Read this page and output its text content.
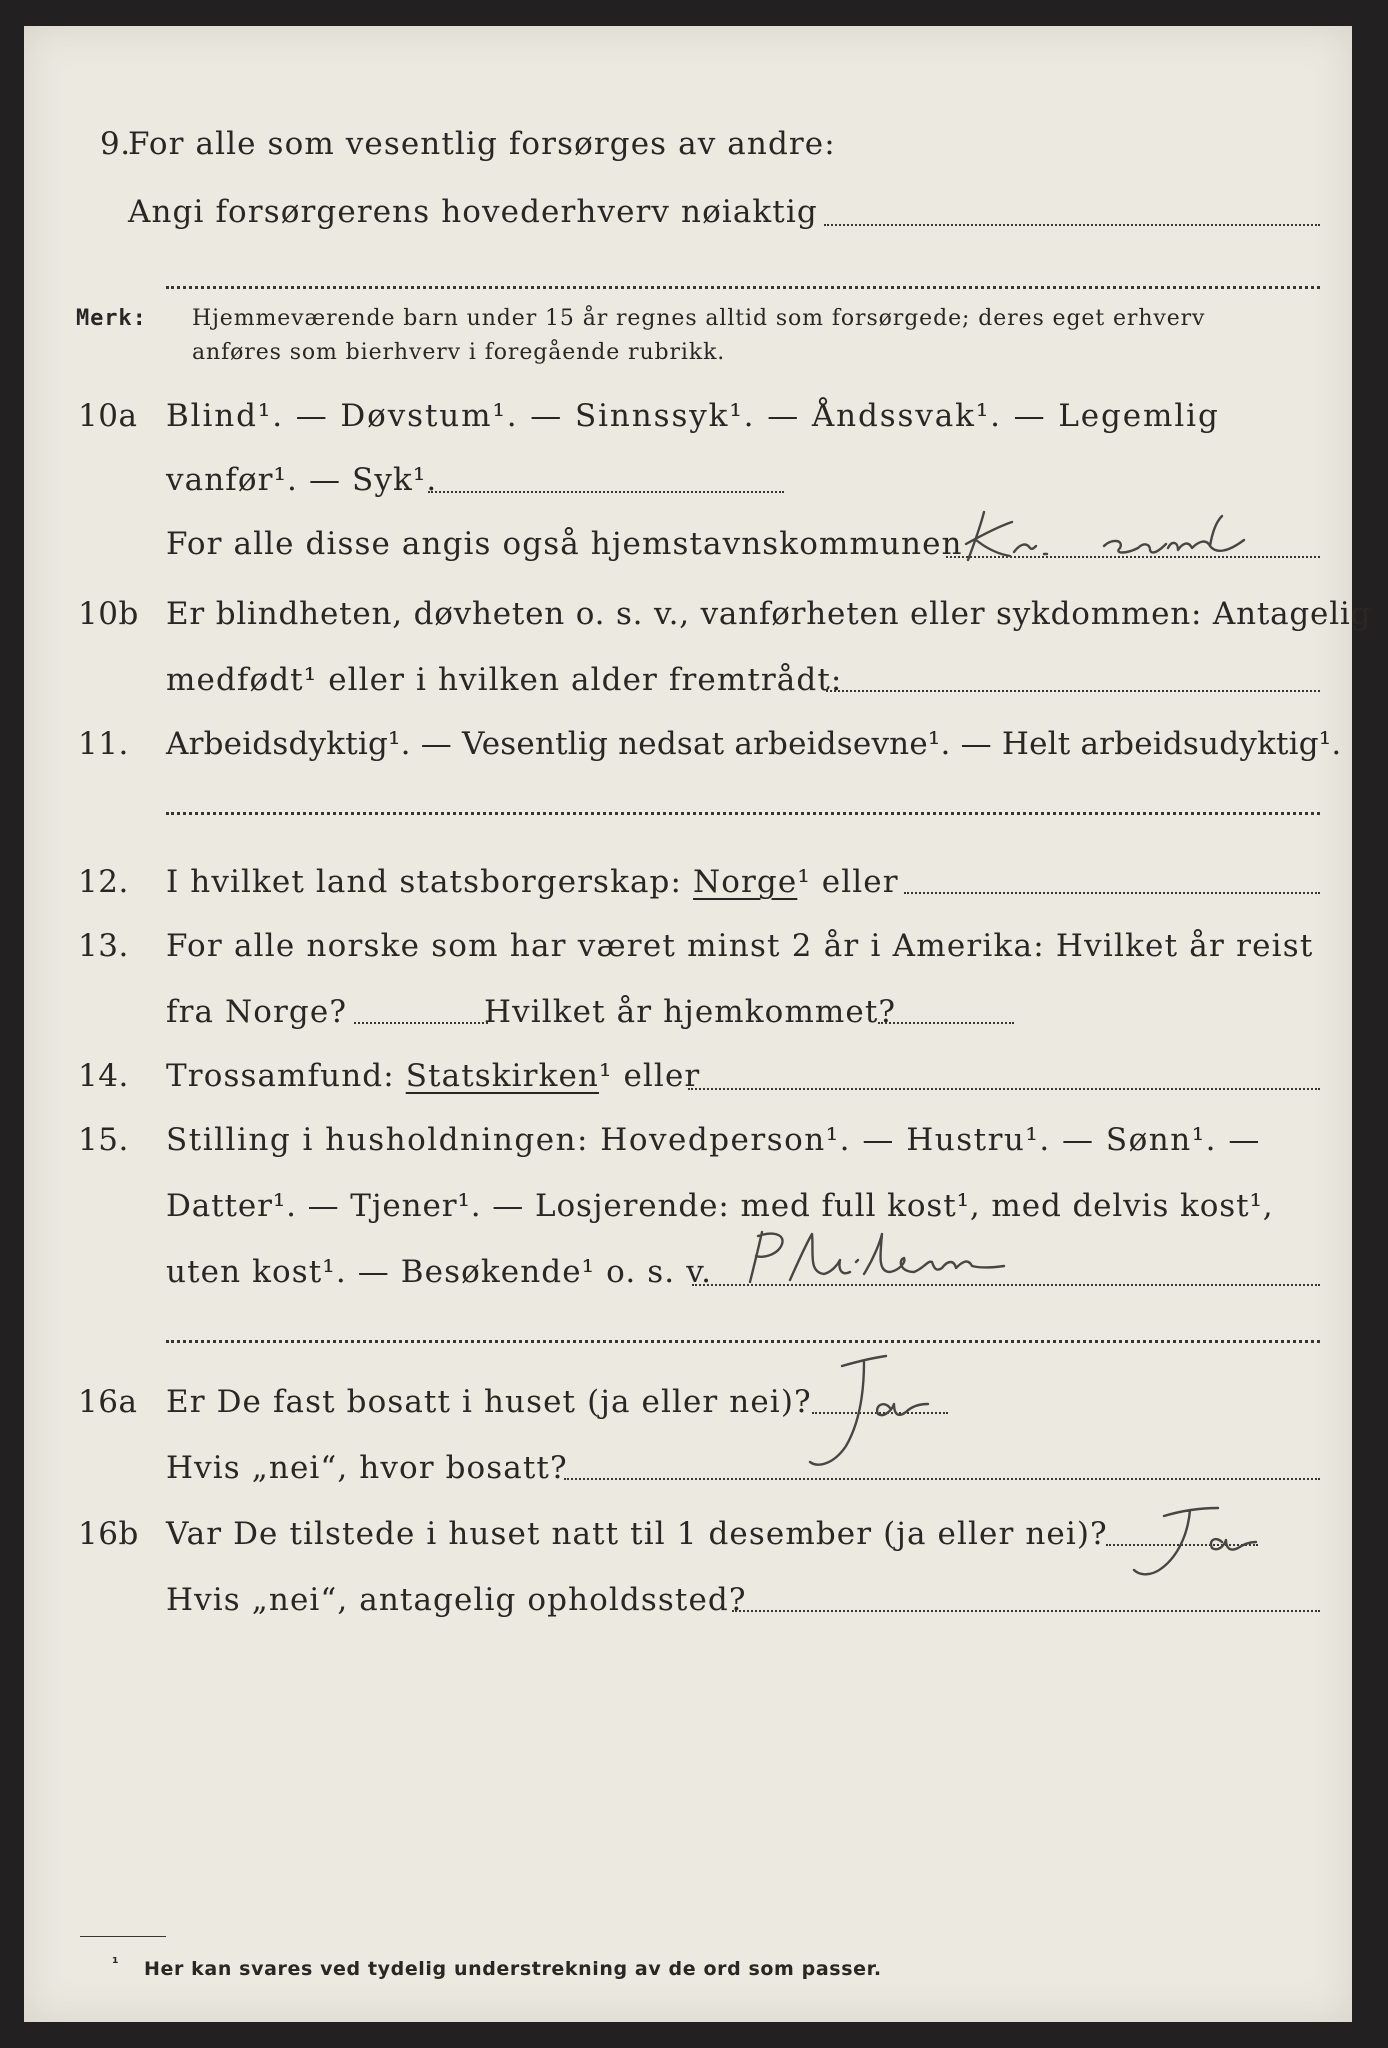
9.
For alle som vesentlig forsørges av andre:
Angi forsørgerens hovederhverv nøiaktig
Merk: Hjemmeværende barn under 15 år regnes alltid som forsørgede; deres eget erhverv
anføres som bierhverv i foregående rubrikk.
10a Blind¹. — Døvstum¹. — Sinnssyk¹. — Åndssvak¹. — Legemlig
vanfør¹. — Syk¹.
For alle disse angis også hjemstavnskommunen
10b Er blindheten, døvheten o. s. v., vanførheten eller sykdommen: Antagelig
medfødt¹ eller i hvilken alder fremtrådt:
11. Arbeidsdyktig¹. — Vesentlig nedsat arbeidsevne¹. — Helt arbeidsudyktig¹.
12. I hvilket land statsborgerskap: Norge¹ eller
13. For alle norske som har været minst 2 år i Amerika: Hvilket år reist
fra Norge?	Hvilket år hjemkommet?
14. Trossamfund: Statskirken¹ eller
15. Stilling i husholdningen: Hovedperson¹. — Hustru¹. — Sønn¹. —
Datter¹. — Tjener¹. — Losjerende: med full kost¹, med delvis kost¹,
uten kost¹. — Besøkende¹ o. s. v.
16a Er De fast bosatt i huset (ja eller nei)?
Hvis „nei“, hvor bosatt?
16b Var De tilstede i huset natt til 1 desember (ja eller nei)?
Hvis „nei“, antagelig opholdssted?
¹ Her kan svares ved tydelig understrekning av de ord som passer.
